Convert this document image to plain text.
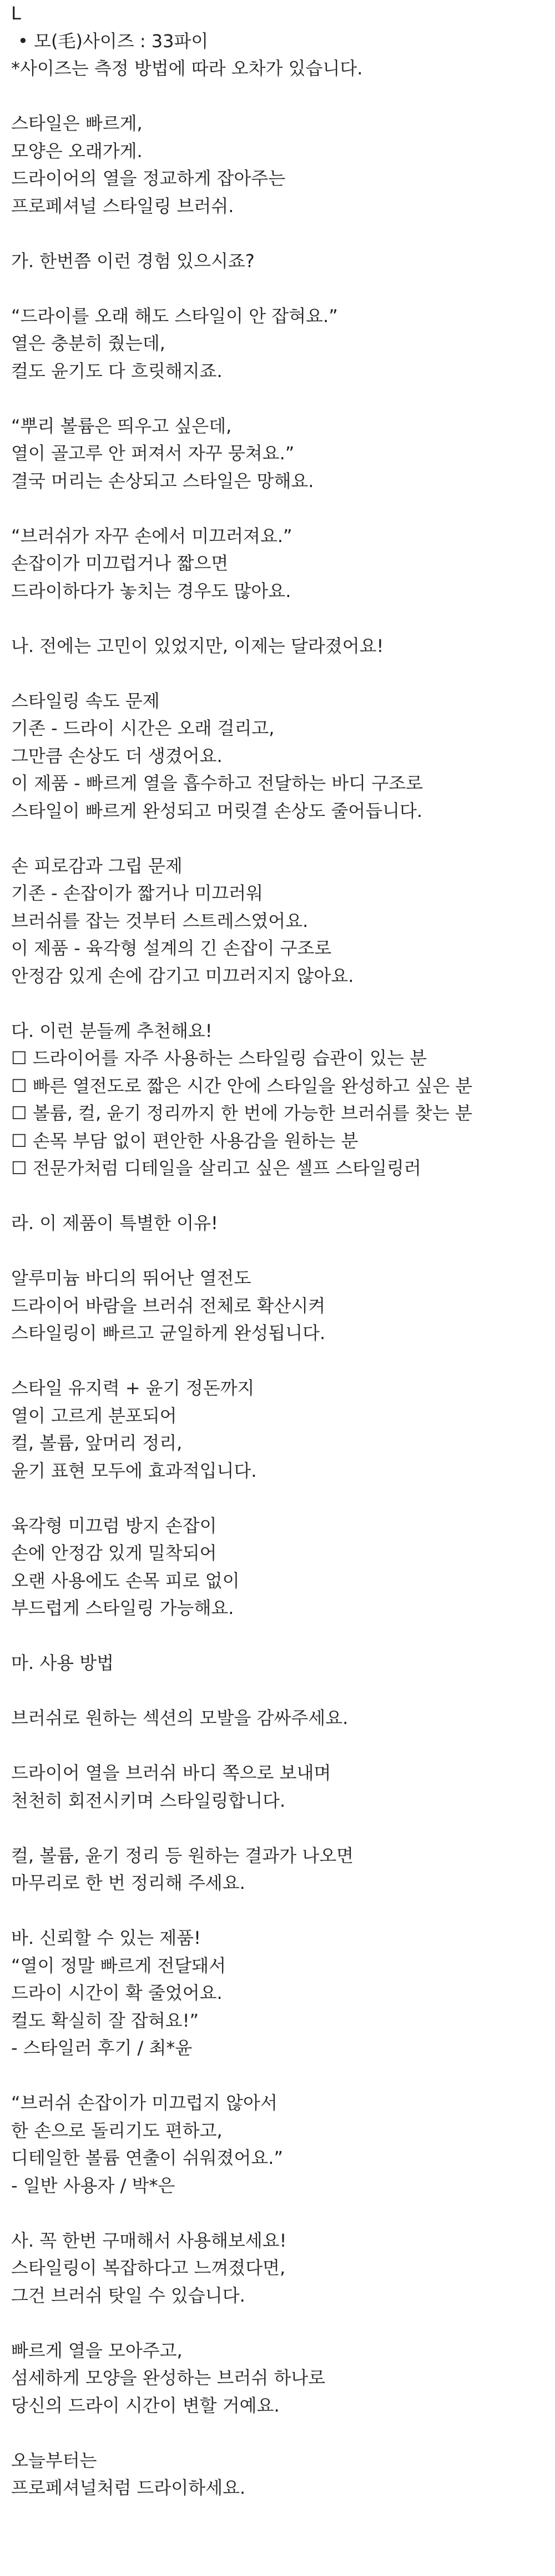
L
• 모(毛)사이즈 : 33파이
*사이즈는 측정 방법에 따라 오차가 있습니다.
스타일은 빠르게,
모양은 오래가게.
드라이어의 열을 정교하게 잡아주는
프로페셔널 스타일링 브러쉬.
가. 한번쯤 이런 경험 있으시죠?
“드라이를 오래 해도 스타일이 안 잡혀요.”
열은 충분히 줬는데,
컬도 윤기도 다 흐릿해지죠.
“뿌리 볼륨은 띄우고 싶은데,
열이 골고루 안 퍼져서 자꾸 뭉쳐요.”
결국 머리는 손상되고 스타일은 망해요.
“브러쉬가 자꾸 손에서 미끄러져요.”
손잡이가 미끄럽거나 짧으면
드라이하다가 놓치는 경우도 많아요.
나. 전에는 고민이 있었지만, 이제는 달라졌어요!
스타일링 속도 문제
기존 - 드라이 시간은 오래 걸리고,
그만큼 손상도 더 생겼어요.
이 제품 - 빠르게 열을 흡수하고 전달하는 바디 구조로
스타일이 빠르게 완성되고 머릿결 손상도 줄어듭니다.
손 피로감과 그립 문제
기존 - 손잡이가 짧거나 미끄러워
브러쉬를 잡는 것부터 스트레스였어요.
이 제품 - 육각형 설계의 긴 손잡이 구조로
안정감 있게 손에 감기고 미끄러지지 않아요.
다. 이런 분들께 추천해요!
☐ 드라이어를 자주 사용하는 스타일링 습관이 있는 분
☐ 빠른 열전도로 짧은 시간 안에 스타일을 완성하고 싶은 분
☐ 볼륨, 컬, 윤기 정리까지 한 번에 가능한 브러쉬를 찾는 분
☐ 손목 부담 없이 편안한 사용감을 원하는 분
☐ 전문가처럼 디테일을 살리고 싶은 셀프 스타일링러
라. 이 제품이 특별한 이유!
알루미늄 바디의 뛰어난 열전도
드라이어 바람을 브러쉬 전체로 확산시켜
스타일링이 빠르고 균일하게 완성됩니다.
스타일 유지력 + 윤기 정돈까지
열이 고르게 분포되어
컬, 볼륨, 앞머리 정리,
윤기 표현 모두에 효과적입니다.
육각형 미끄럼 방지 손잡이
손에 안정감 있게 밀착되어
오랜 사용에도 손목 피로 없이
부드럽게 스타일링 가능해요.
마. 사용 방법
브러쉬로 원하는 섹션의 모발을 감싸주세요.
드라이어 열을 브러쉬 바디 쪽으로 보내며
천천히 회전시키며 스타일링합니다.
컬, 볼륨, 윤기 정리 등 원하는 결과가 나오면
마무리로 한 번 정리해 주세요.
바. 신뢰할 수 있는 제품!
“열이 정말 빠르게 전달돼서
드라이 시간이 확 줄었어요.
컬도 확실히 잘 잡혀요!”
- 스타일러 후기 / 최*윤
“브러쉬 손잡이가 미끄럽지 않아서
한 손으로 돌리기도 편하고,
디테일한 볼륨 연출이 쉬워졌어요.”
- 일반 사용자 / 박*은
사. 꼭 한번 구매해서 사용해보세요!
스타일링이 복잡하다고 느껴졌다면,
그건 브러쉬 탓일 수 있습니다.
빠르게 열을 모아주고,
섬세하게 모양을 완성하는 브러쉬 하나로
당신의 드라이 시간이 변할 거예요.
오늘부터는
프로페셔널처럼 드라이하세요.
